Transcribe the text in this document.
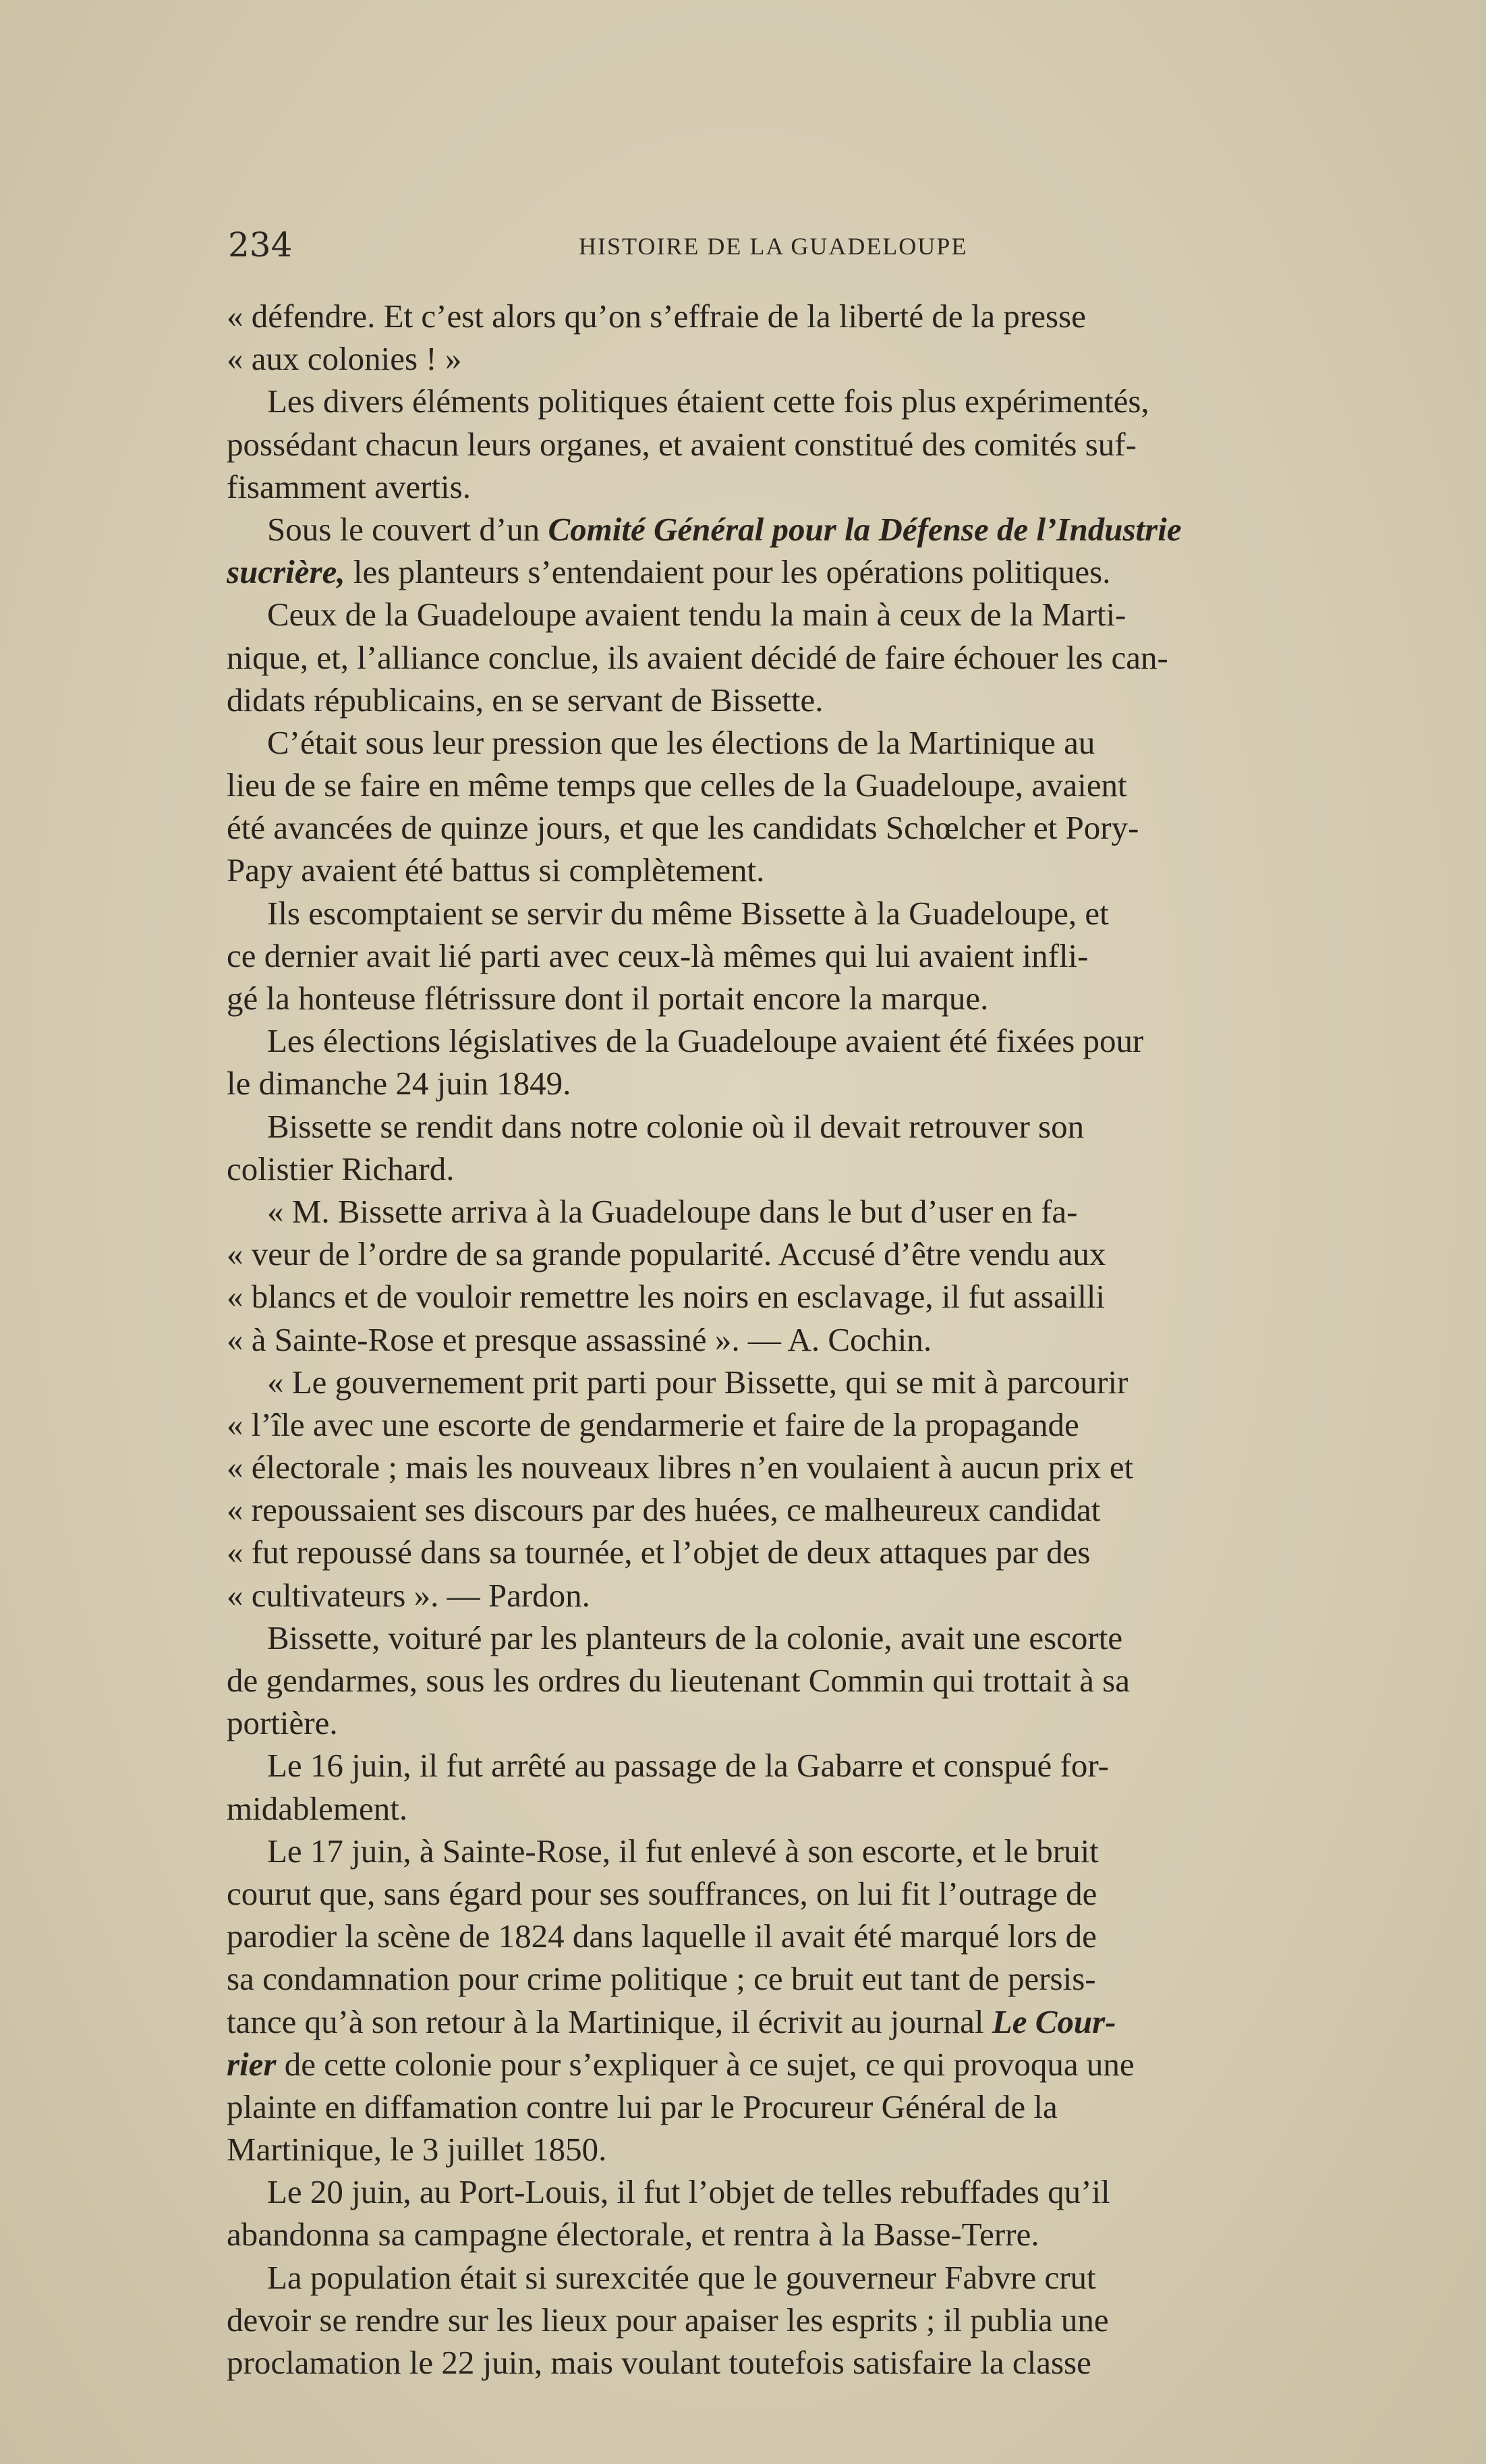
234	HISTOIRE DE LA GUADELOUPE
« défendre. Et c’est alors qu’on s’effraie de la liberté de la presse
« aux colonies ! »
Les divers éléments politiques étaient cette fois plus expérimentés,
possédant chacun leurs organes, et avaient constitué des comités suf-
fisamment avertis.
Sous le couvert d’un Comité Général pour la Défense de l’Industrie
sucrière, les planteurs s’entendaient pour les opérations politiques.
Ceux de la Guadeloupe avaient tendu la main à ceux de la Marti-
nique, et, l’alliance conclue, ils avaient décidé de faire échouer les can-
didats républicains, en se servant de Bissette.
C’était sous leur pression que les élections de la Martinique au
lieu de se faire en même temps que celles de la Guadeloupe, avaient
été avancées de quinze jours, et que les candidats Schœlcher et Pory-
Papy avaient été battus si complètement.
Ils escomptaient se servir du même Bissette à la Guadeloupe, et
ce dernier avait lié parti avec ceux-là mêmes qui lui avaient infli-
gé la honteuse flétrissure dont il portait encore la marque.
Les élections législatives de la Guadeloupe avaient été fixées pour
le dimanche 24 juin 1849.
Bissette se rendit dans notre colonie où il devait retrouver son
colistier Richard.
« M. Bissette arriva à la Guadeloupe dans le but d’user en fa-
« veur de l’ordre de sa grande popularité. Accusé d’être vendu aux
« blancs et de vouloir remettre les noirs en esclavage, il fut assailli
« à Sainte-Rose et presque assassiné ». — A. Cochin.
« Le gouvernement prit parti pour Bissette, qui se mit à parcourir
« l’île avec une escorte de gendarmerie et faire de la propagande
« électorale ; mais les nouveaux libres n’en voulaient à aucun prix et
« repoussaient ses discours par des huées, ce malheureux candidat
« fut repoussé dans sa tournée, et l’objet de deux attaques par des
« cultivateurs ». — Pardon.
Bissette, voituré par les planteurs de la colonie, avait une escorte
de gendarmes, sous les ordres du lieutenant Commin qui trottait à sa
portière.
Le 16 juin, il fut arrêté au passage de la Gabarre et conspué for-
midablement.
Le 17 juin, à Sainte-Rose, il fut enlevé à son escorte, et le bruit
courut que, sans égard pour ses souffrances, on lui fit l’outrage de
parodier la scène de 1824 dans laquelle il avait été marqué lors de
sa condamnation pour crime politique ; ce bruit eut tant de persis-
tance qu’à son retour à la Martinique, il écrivit au journal Le Cour-
rier de cette colonie pour s’expliquer à ce sujet, ce qui provoqua une
plainte en diffamation contre lui par le Procureur Général de la
Martinique, le 3 juillet 1850.
Le 20 juin, au Port-Louis, il fut l’objet de telles rebuffades qu’il
abandonna sa campagne électorale, et rentra à la Basse-Terre.
La population était si surexcitée que le gouverneur Fabvre crut
devoir se rendre sur les lieux pour apaiser les esprits ; il publia une
proclamation le 22 juin, mais voulant toutefois satisfaire la classe
